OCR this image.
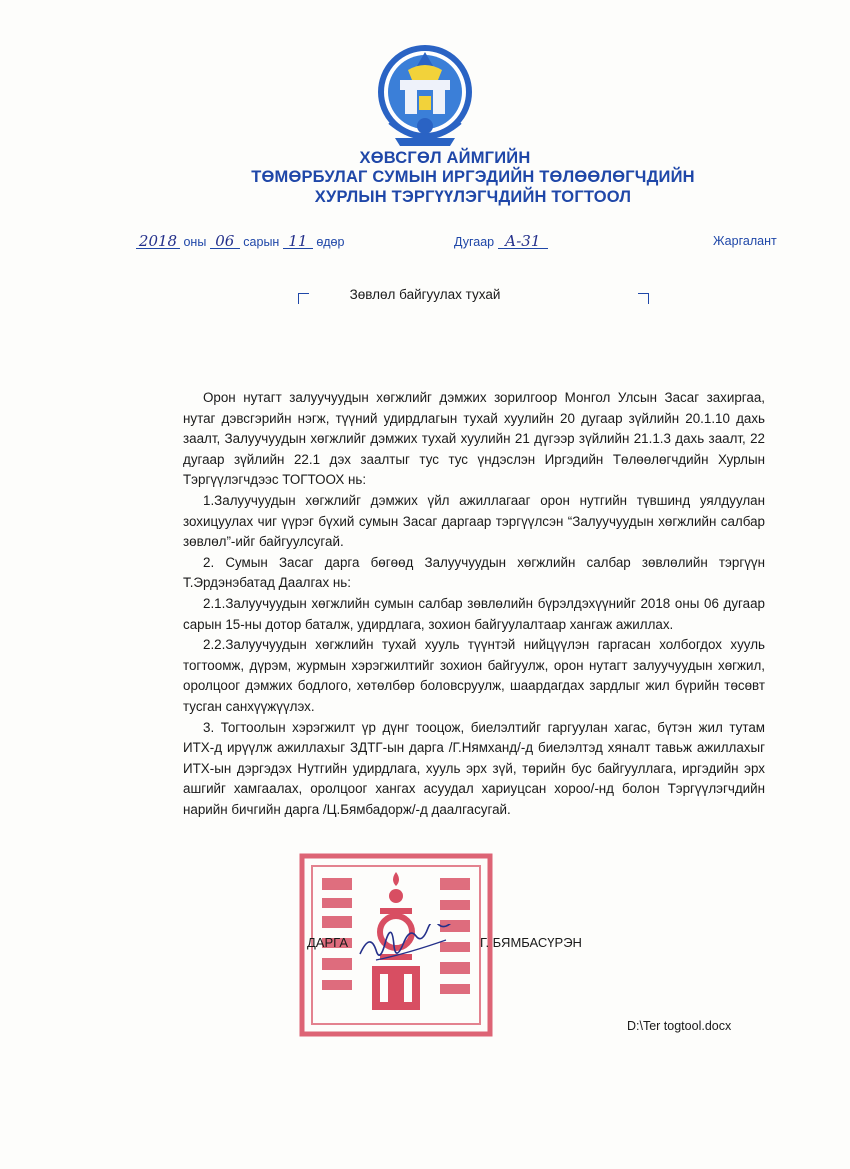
ХӨВСГӨЛ АЙМГИЙН
ТӨМӨРБУЛАГ СУМЫН ИРГЭДИЙН ТӨЛӨӨЛӨГЧДИЙН
ХУРЛЫН ТЭРГҮҮЛЭГЧДИЙН ТОГТООЛ
2018 оны 06 сарын 11 өдөр	Дугаар А-31	Жаргалант
Зөвлөл байгуулах тухай

Орон нутагт залуучуудын хөгжлийг дэмжих зорилгоор Монгол Улсын Засаг захиргаа, нутаг дэвсгэрийн нэгж, түүний удирдлагын тухай хуулийн 20 дугаар зүйлийн 20.1.10 дахь заалт, Залуучуудын хөгжлийг дэмжих тухай хуулийн 21 дүгээр зүйлийн 21.1.3 дахь заалт, 22 дугаар зүйлийн 22.1 дэх заалтыг тус тус үндэслэн Иргэдийн Төлөөлөгчдийн Хурлын Тэргүүлэгчдээс ТОГТООХ нь:

1.Залуучуудын хөгжлийг дэмжих үйл ажиллагааг орон нутгийн түвшинд уялдуулан зохицуулах чиг үүрэг бүхий сумын Засаг даргаар тэргүүлсэн “Залуучуудын хөгжлийн салбар зөвлөл”-ийг байгуулсугай.

2. Сумын Засаг дарга бөгөөд Залуучуудын хөгжлийн салбар зөвлөлийн тэргүүн Т.Эрдэнэбатад Даалгах нь:

2.1.Залуучуудын хөгжлийн сумын салбар зөвлөлийн бүрэлдэхүүнийг 2018 оны 06 дугаар сарын 15-ны дотор баталж, удирдлага, зохион байгуулалтаар хангаж ажиллах.

2.2.Залуучуудын хөгжлийн тухай хууль түүнтэй нийцүүлэн гаргасан холбогдох хууль тогтоомж, дүрэм, журмын хэрэгжилтийг зохион байгуулж, орон нутагт залуучуудын хөгжил, оролцоог дэмжих бодлого, хөтөлбөр боловсруулж, шаардагдах зардлыг жил бүрийн төсөвт тусган санхүүжүүлэх.

3. Тогтоолын хэрэгжилт үр дүнг тооцож, биелэлтийг гаргуулан хагас, бүтэн жил тутам ИТХ-д ирүүлж ажиллахыг ЗДТГ-ын дарга /Г.Нямханд/-д биелэлтэд хяналт тавьж ажиллахыг ИТХ-ын дэргэдэх Нутгийн удирдлага, хууль эрх зүй, төрийн бус байгууллага, иргэдийн эрх ашгийг хамгаалах, оролцоог хангах асуудал хариуцсан хороо/-нд болон Тэргүүлэгчдийн нарийн бичгийн дарга /Ц.Бямбадорж/-д даалгасугай.

ДАРГА	Г. БЯМБАСҮРЭН
D:\Ter togtool.docx
